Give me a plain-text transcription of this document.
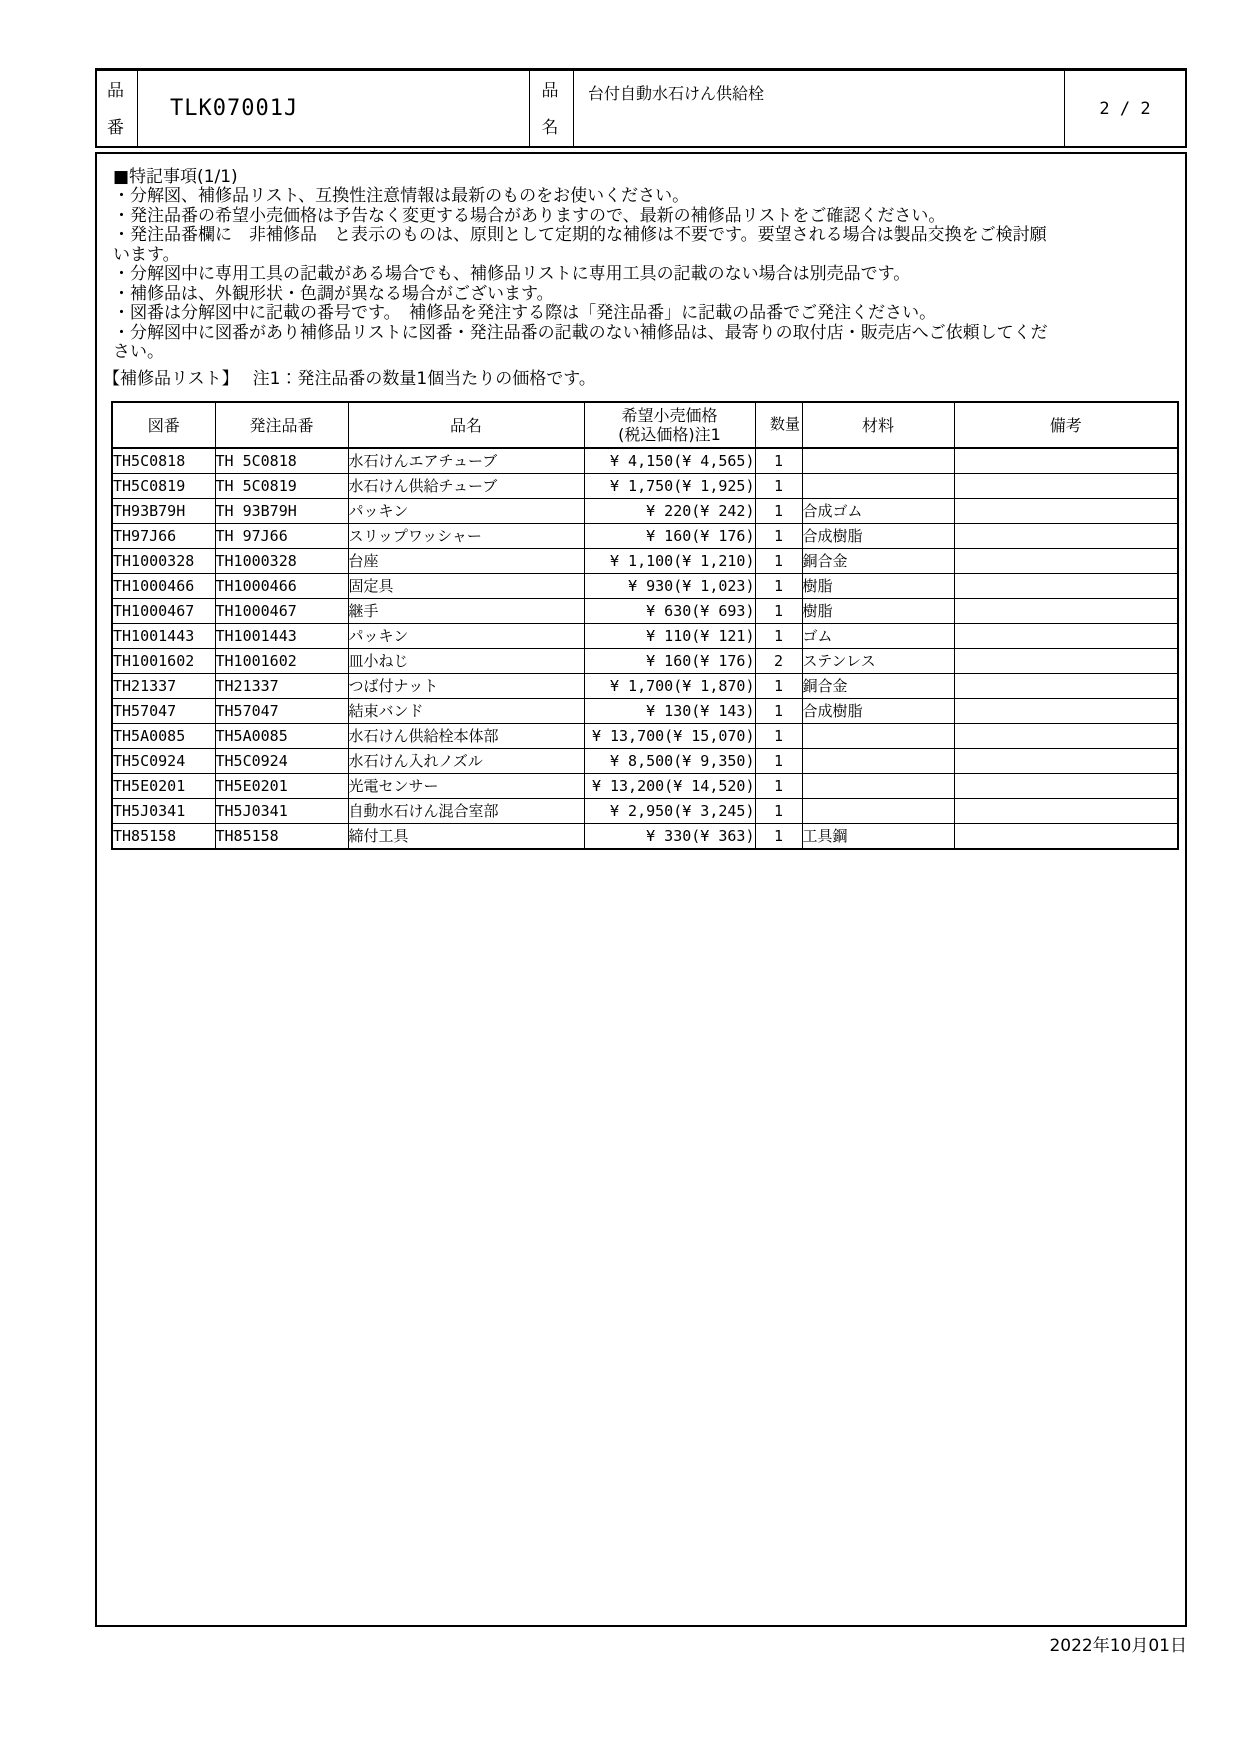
品番
TLK07001J
品名
台付自動水石けん供給栓
2 / 2
■特記事項(1/1)
・分解図、補修品リスト、互換性注意情報は最新のものをお使いください。
・発注品番の希望小売価格は予告なく変更する場合がありますので、最新の補修品リストをご確認ください。
・発注品番欄に　非補修品　と表示のものは、原則として定期的な補修は不要です。要望される場合は製品交換をご検討願
います。
・分解図中に専用工具の記載がある場合でも、補修品リストに専用工具の記載のない場合は別売品です。
・補修品は、外観形状・色調が異なる場合がございます。
・図番は分解図中に記載の番号です。　補修品を発注する際は「発注品番」に記載の品番でご発注ください。
・分解図中に図番があり補修品リストに図番・発注品番の記載のない補修品は、最寄りの取付店・販売店へご依頼してくだ
さい。
【補修品リスト】　 注1：発注品番の数量1個当たりの価格です。
図番	発注品番	品名	希望小売価格
(税込価格)注1	数量	材料	備考
TH5C0818	TH 5C0818	水石けんエアチューブ	¥ 4,150(¥ 4,565)	1		
TH5C0819	TH 5C0819	水石けん供給チューブ	¥ 1,750(¥ 1,925)	1		
TH93B79H	TH 93B79H	パッキン	¥ 220(¥ 242)	1	合成ゴム	
TH97J66	TH 97J66	スリップワッシャー	¥ 160(¥ 176)	1	合成樹脂	
TH1000328	TH1000328	台座	¥ 1,100(¥ 1,210)	1	銅合金	
TH1000466	TH1000466	固定具	¥ 930(¥ 1,023)	1	樹脂	
TH1000467	TH1000467	継手	¥ 630(¥ 693)	1	樹脂	
TH1001443	TH1001443	パッキン	¥ 110(¥ 121)	1	ゴム	
TH1001602	TH1001602	皿小ねじ	¥ 160(¥ 176)	2	ステンレス	
TH21337	TH21337	つば付ナット	¥ 1,700(¥ 1,870)	1	銅合金	
TH57047	TH57047	結束バンド	¥ 130(¥ 143)	1	合成樹脂	
TH5A0085	TH5A0085	水石けん供給栓本体部	¥ 13,700(¥ 15,070)	1		
TH5C0924	TH5C0924	水石けん入れノズル	¥ 8,500(¥ 9,350)	1		
TH5E0201	TH5E0201	光電センサー	¥ 13,200(¥ 14,520)	1		
TH5J0341	TH5J0341	自動水石けん混合室部	¥ 2,950(¥ 3,245)	1		
TH85158	TH85158	締付工具	¥ 330(¥ 363)	1	工具鋼	
2022年10月01日
